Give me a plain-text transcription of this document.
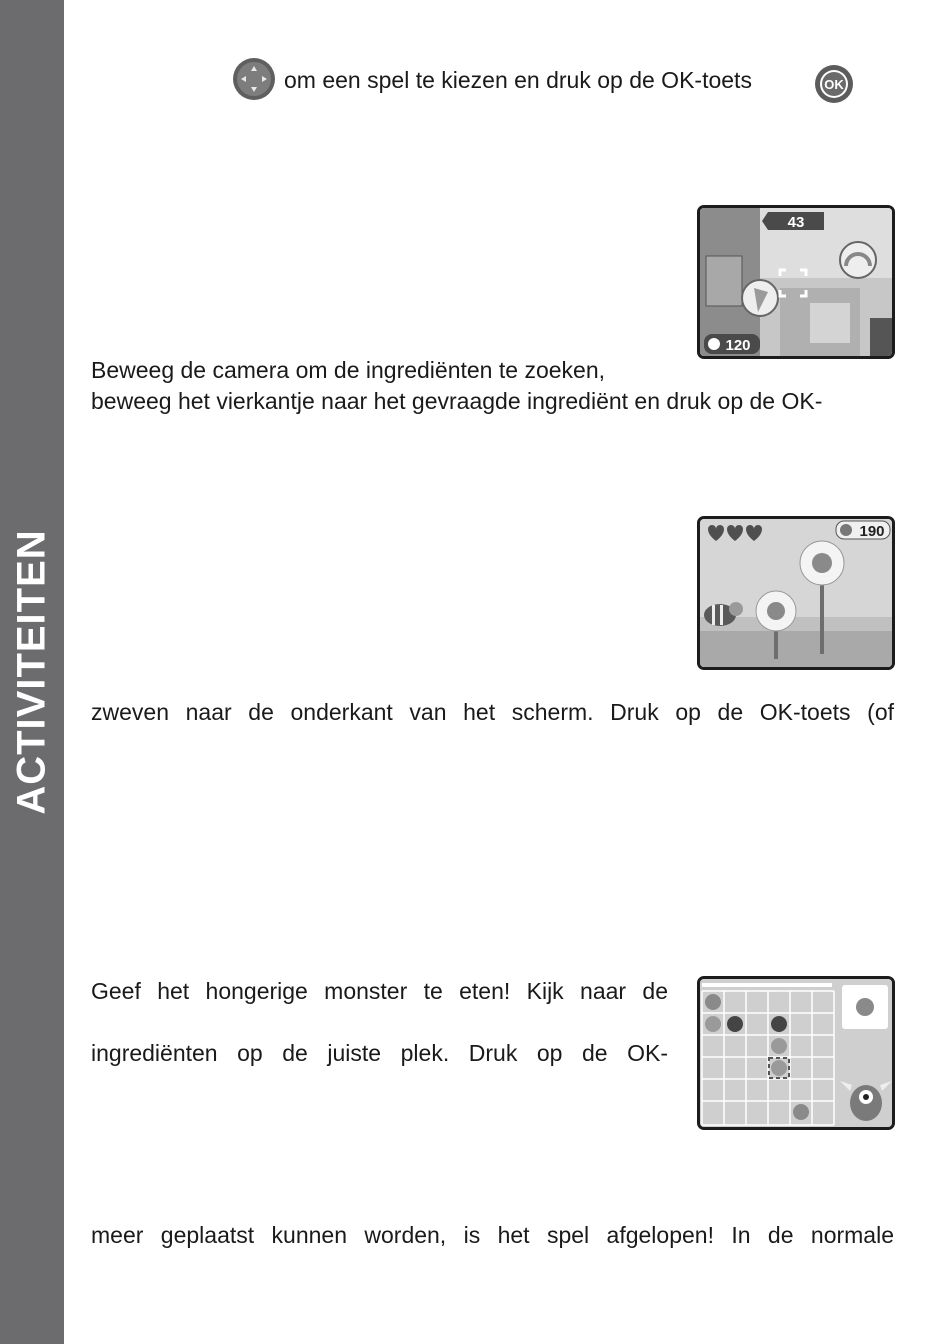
ACTIVITEITEN
om een spel te kiezen en druk op de OK-toets	OK
43
120
Beweeg de camera om de ingrediënten te zoeken,
beweeg het vierkantje naar het gevraagde ingrediënt en druk op de OK-
190
zweven naar de onderkant van het scherm. Druk op de OK-toets (of
Geef het hongerige monster te eten! Kijk naar de
ingrediënten op de juiste plek. Druk op de OK-
meer geplaatst kunnen worden, is het spel afgelopen! In de normale
